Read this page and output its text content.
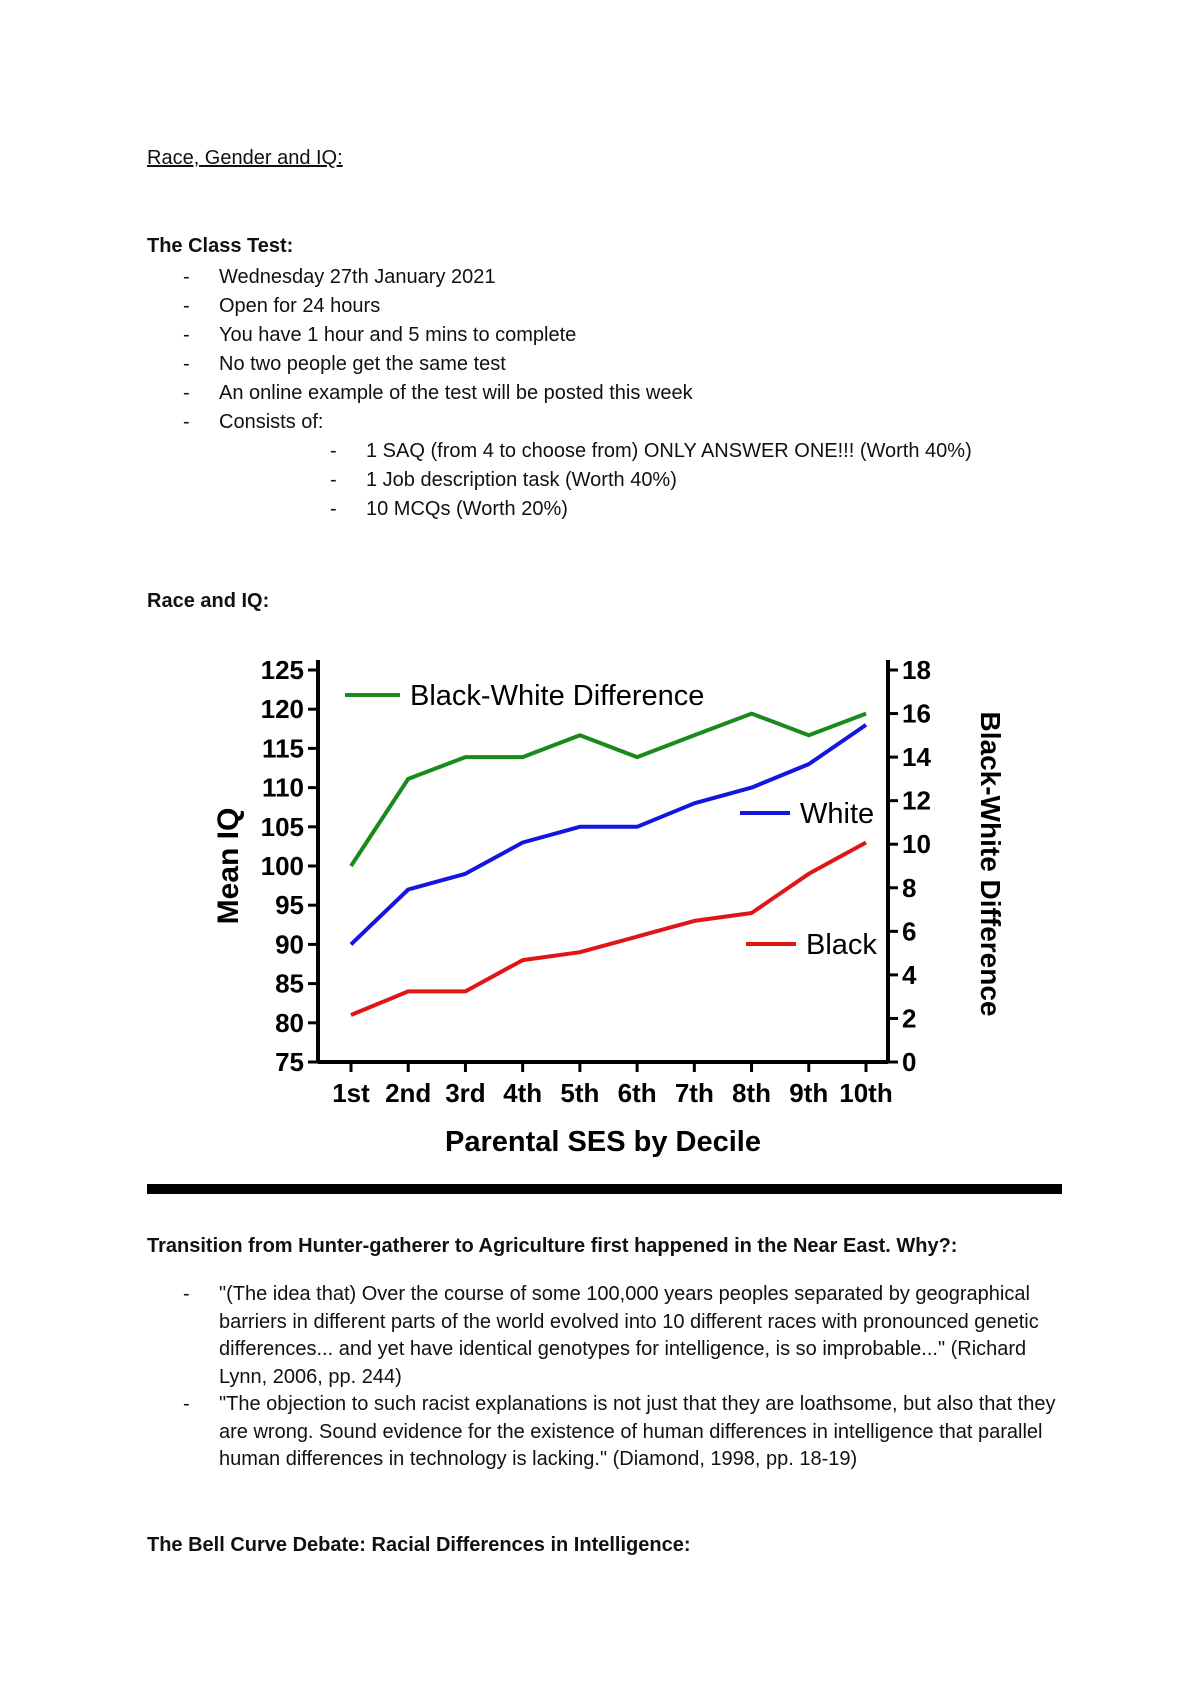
Race, Gender and IQ:
The Class Test:
- Wednesday 27th January 2021
- Open for 24 hours
- You have 1 hour and 5 mins to complete
- No two people get the same test
- An online example of the test will be posted this week
- Consists of:
- 1 SAQ (from 4 to choose from) ONLY ANSWER ONE!!! (Worth 40%)
- 1 Job description task (Worth 40%)
- 10 MCQs (Worth 20%)
Race and IQ:
75
80
85
90
95
100
105
110
115
120
125
0
2
4
6
8
10
12
14
16
18
1st 2nd 3rd 4th 5th 6th 7th 8th 9th 10th
Parental SES by Decile
Mean IQ	Black-White Difference
Black-White Difference
White
Black
Transition from Hunter-gatherer to Agriculture first happened in the Near East. Why?:
- "(The idea that) Over the course of some 100,000 years peoples separated by geographical barriers in different parts of the world evolved into 10 different races with pronounced genetic differences... and yet have identical genotypes for intelligence, is so improbable..." (Richard Lynn, 2006, pp. 244)
- "The objection to such racist explanations is not just that they are loathsome, but also that they are wrong. Sound evidence for the existence of human differences in intelligence that parallel human differences in technology is lacking." (Diamond, 1998, pp. 18-19)
The Bell Curve Debate: Racial Differences in Intelligence:
